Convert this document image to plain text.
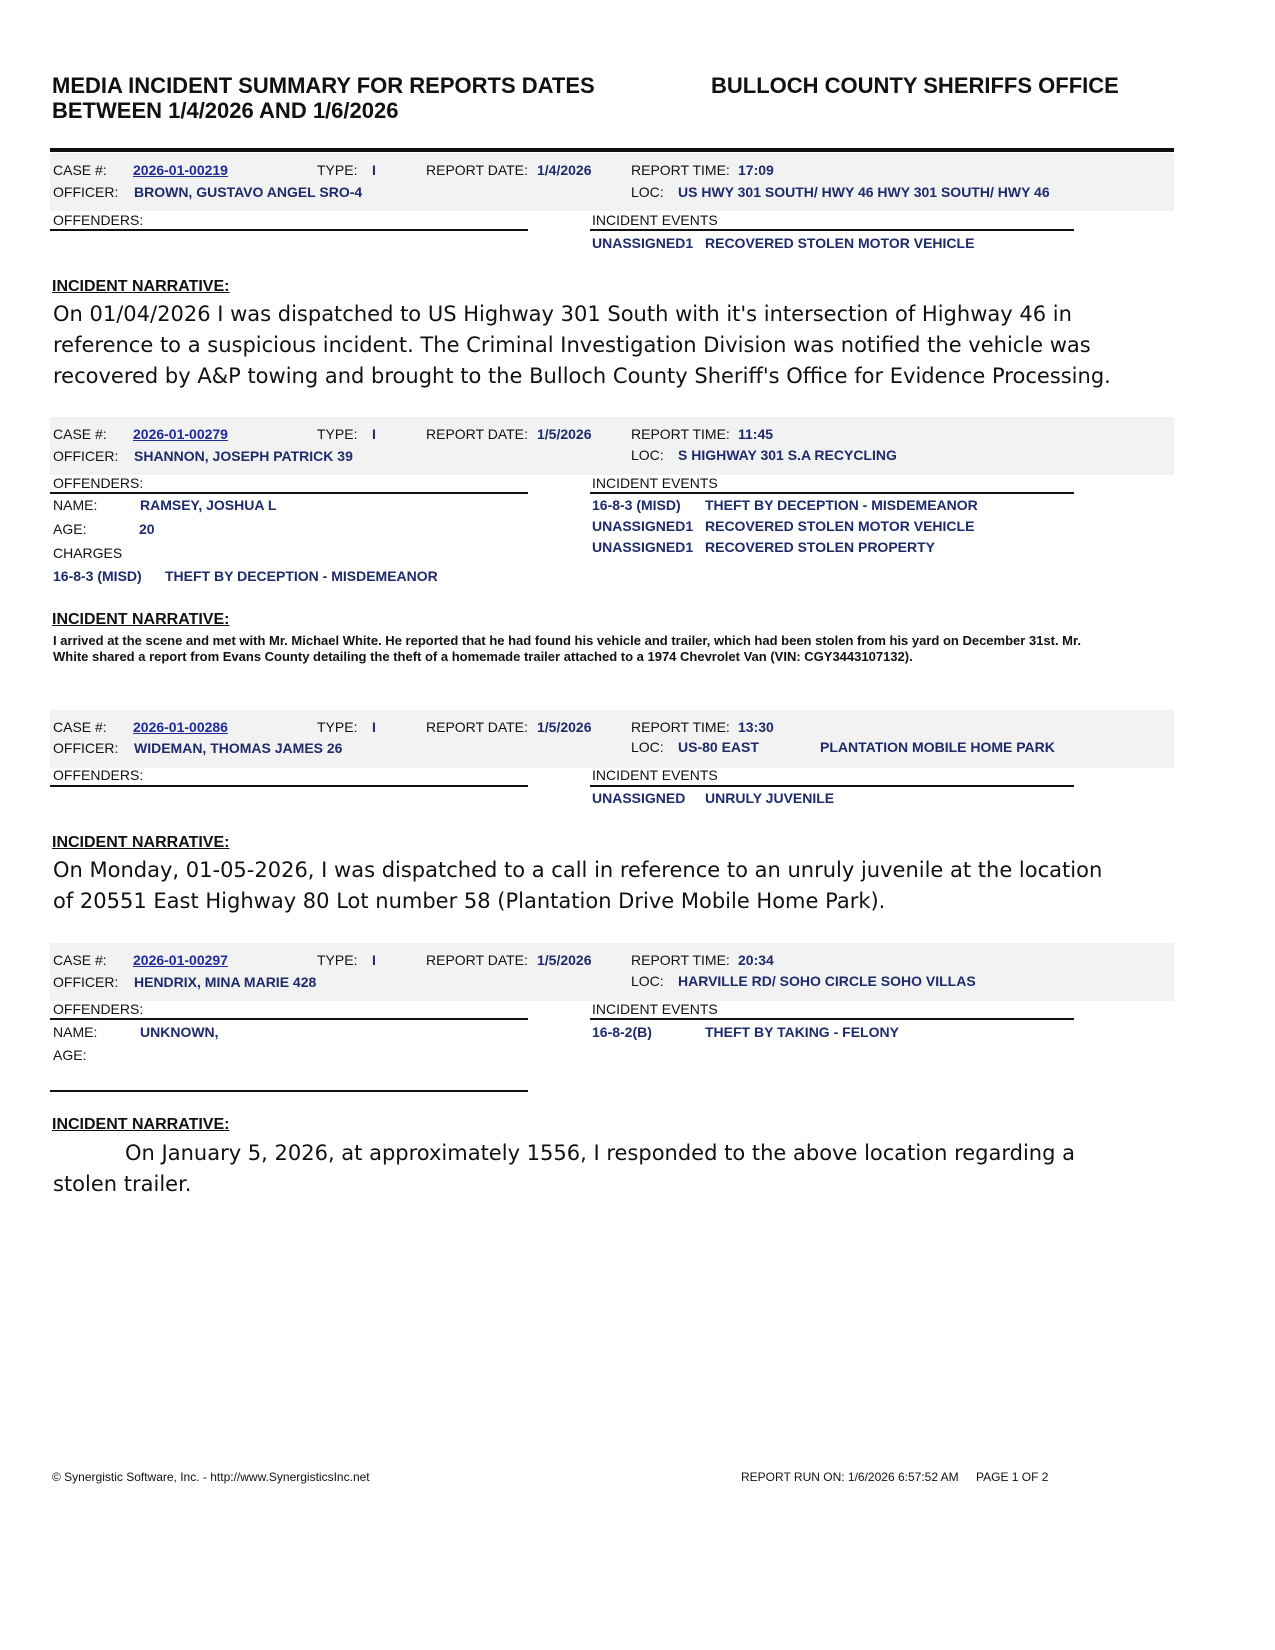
MEDIA INCIDENT SUMMARY FOR REPORTS DATES
BETWEEN 1/4/2026 AND 1/6/2026
BULLOCH COUNTY SHERIFFS OFFICE
CASE #: 2026-01-00219	TYPE: I	REPORT DATE: 1/4/2026	REPORT TIME: 17:09
OFFICER: BROWN, GUSTAVO ANGEL SRO-4	LOC: US HWY 301 SOUTH/ HWY 46 HWY 301 SOUTH/ HWY 46
OFFENDERS:	INCIDENT EVENTS
UNASSIGNED1 RECOVERED STOLEN MOTOR VEHICLE
INCIDENT NARRATIVE:
On 01/04/2026 I was dispatched to US Highway 301 South with it's intersection of Highway 46 in reference to a suspicious incident. The Criminal Investigation Division was notified the vehicle was recovered by A&P towing and brought to the Bulloch County Sheriff's Office for Evidence Processing.
CASE #: 2026-01-00279	TYPE: I	REPORT DATE: 1/5/2026	REPORT TIME: 11:45
OFFICER: SHANNON, JOSEPH PATRICK 39	LOC: S HIGHWAY 301 S.A RECYCLING
OFFENDERS:
NAME:	RAMSEY, JOSHUA L
AGE:	20
CHARGES
16-8-3 (MISD) THEFT BY DECEPTION - MISDEMEANOR
INCIDENT EVENTS
16-8-3 (MISD) THEFT BY DECEPTION - MISDEMEANOR
UNASSIGNED1 RECOVERED STOLEN MOTOR VEHICLE
UNASSIGNED1 RECOVERED STOLEN PROPERTY
INCIDENT NARRATIVE:
I arrived at the scene and met with Mr. Michael White. He reported that he had found his vehicle and trailer, which had been stolen from his yard on December 31st. Mr. White shared a report from Evans County detailing the theft of a homemade trailer attached to a 1974 Chevrolet Van (VIN: CGY3443107132).
CASE #: 2026-01-00286	TYPE: I	REPORT DATE: 1/5/2026	REPORT TIME: 13:30
OFFICER: WIDEMAN, THOMAS JAMES 26	LOC: US-80 EAST	PLANTATION MOBILE HOME PARK
OFFENDERS:	INCIDENT EVENTS
UNASSIGNED UNRULY JUVENILE
INCIDENT NARRATIVE:
On Monday, 01-05-2026, I was dispatched to a call in reference to an unruly juvenile at the location of 20551 East Highway 80 Lot number 58 (Plantation Drive Mobile Home Park).
CASE #: 2026-01-00297	TYPE: I	REPORT DATE: 1/5/2026	REPORT TIME: 20:34
OFFICER: HENDRIX, MINA MARIE 428	LOC: HARVILLE RD/ SOHO CIRCLE SOHO VILLAS
OFFENDERS:
NAME:	UNKNOWN,
AGE:
INCIDENT EVENTS
16-8-2(B)	THEFT BY TAKING - FELONY
INCIDENT NARRATIVE:
On January 5, 2026, at approximately 1556, I responded to the above location regarding a stolen trailer.
© Synergistic Software, Inc. - http://www.SynergisticsInc.net	REPORT RUN ON: 1/6/2026 6:57:52 AM PAGE 1 OF 2
